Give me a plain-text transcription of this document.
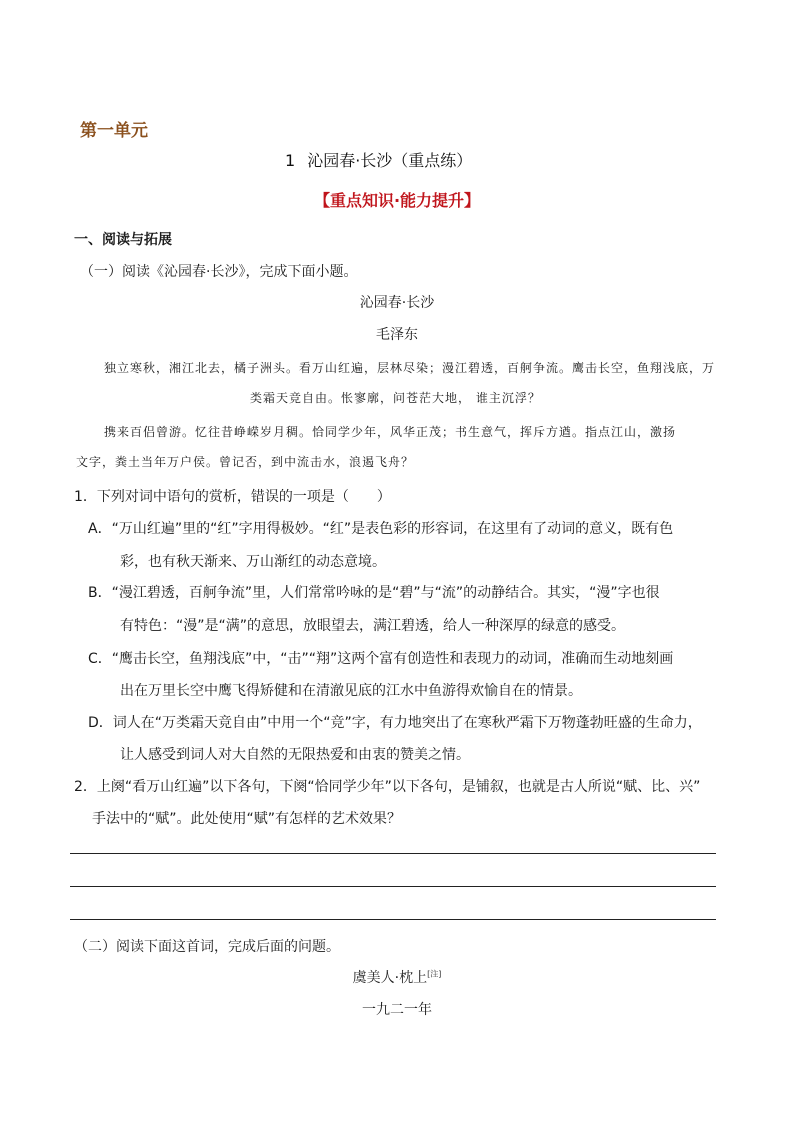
第一单元
1 沁园春·长沙（重点练）
【重点知识·能力提升】
一、阅读与拓展
（一）阅读《沁园春·长沙》，完成下面小题。
沁园春·长沙
毛泽东
独立寒秋，湘江北去，橘子洲头。看万山红遍，层林尽染；漫江碧透，百舸争流。鹰击长空，鱼翔浅底，万
类霜天竞自由。怅寥廓，问苍茫大地， 谁主沉浮？
携来百侣曾游。忆往昔峥嵘岁月稠。恰同学少年，风华正茂；书生意气，挥斥方遒。指点江山，激扬
文字，粪土当年万户侯。曾记否，到中流击水，浪遏飞舟？
1．下列对词中语句的赏析，错误的一项是（　　）
A．“万山红遍”里的“红”字用得极妙。“红”是表色彩的形容词，在这里有了动词的意义，既有色
彩，也有秋天渐来、万山渐红的动态意境。
B．“漫江碧透，百舸争流”里，人们常常吟咏的是“碧”与“流”的动静结合。其实，“漫”字也很
有特色：“漫”是“满”的意思，放眼望去，满江碧透，给人一种深厚的绿意的感受。
C．“鹰击长空，鱼翔浅底”中，“击”“翔”这两个富有创造性和表现力的动词，准确而生动地刻画
出在万里长空中鹰飞得矫健和在清澈见底的江水中鱼游得欢愉自在的情景。
D．词人在“万类霜天竞自由”中用一个“竞”字，有力地突出了在寒秋严霜下万物蓬勃旺盛的生命力，
让人感受到词人对大自然的无限热爱和由衷的赞美之情。
2．上阕“看万山红遍”以下各句，下阕“恰同学少年”以下各句，是铺叙，也就是古人所说“赋、比、兴”
手法中的“赋”。此处使用“赋”有怎样的艺术效果？
（二）阅读下面这首词，完成后面的问题。
虞美人·枕上[注]
一九二一年
